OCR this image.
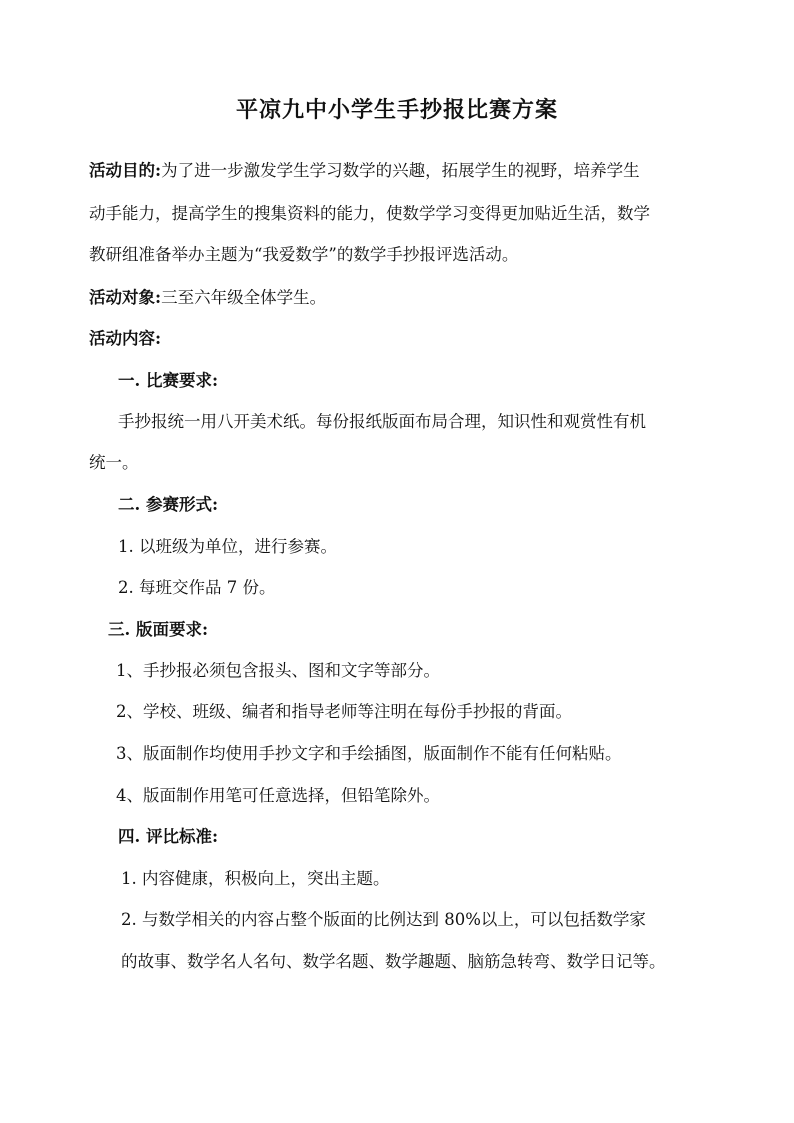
平凉九中小学生手抄报比赛方案
活动目的:为了进一步激发学生学习数学的兴趣，拓展学生的视野，培养学生
动手能力，提高学生的搜集资料的能力，使数学学习变得更加贴近生活，数学
教研组准备举办主题为“我爱数学”的数学手抄报评选活动。
活动对象:三至六年级全体学生。
活动内容:
一. 比赛要求:
手抄报统一用八开美术纸。每份报纸版面布局合理，知识性和观赏性有机
统一。
二. 参赛形式:
1. 以班级为单位，进行参赛。
2. 每班交作品 7 份。
三. 版面要求:
1、手抄报必须包含报头、图和文字等部分。
2、学校、班级、编者和指导老师等注明在每份手抄报的背面。
3、版面制作均使用手抄文字和手绘插图，版面制作不能有任何粘贴。
4、版面制作用笔可任意选择，但铅笔除外。
四. 评比标准:
1. 内容健康，积极向上，突出主题。
2. 与数学相关的内容占整个版面的比例达到 80%以上，可以包括数学家
的故事、数学名人名句、数学名题、数学趣题、脑筋急转弯、数学日记等。
